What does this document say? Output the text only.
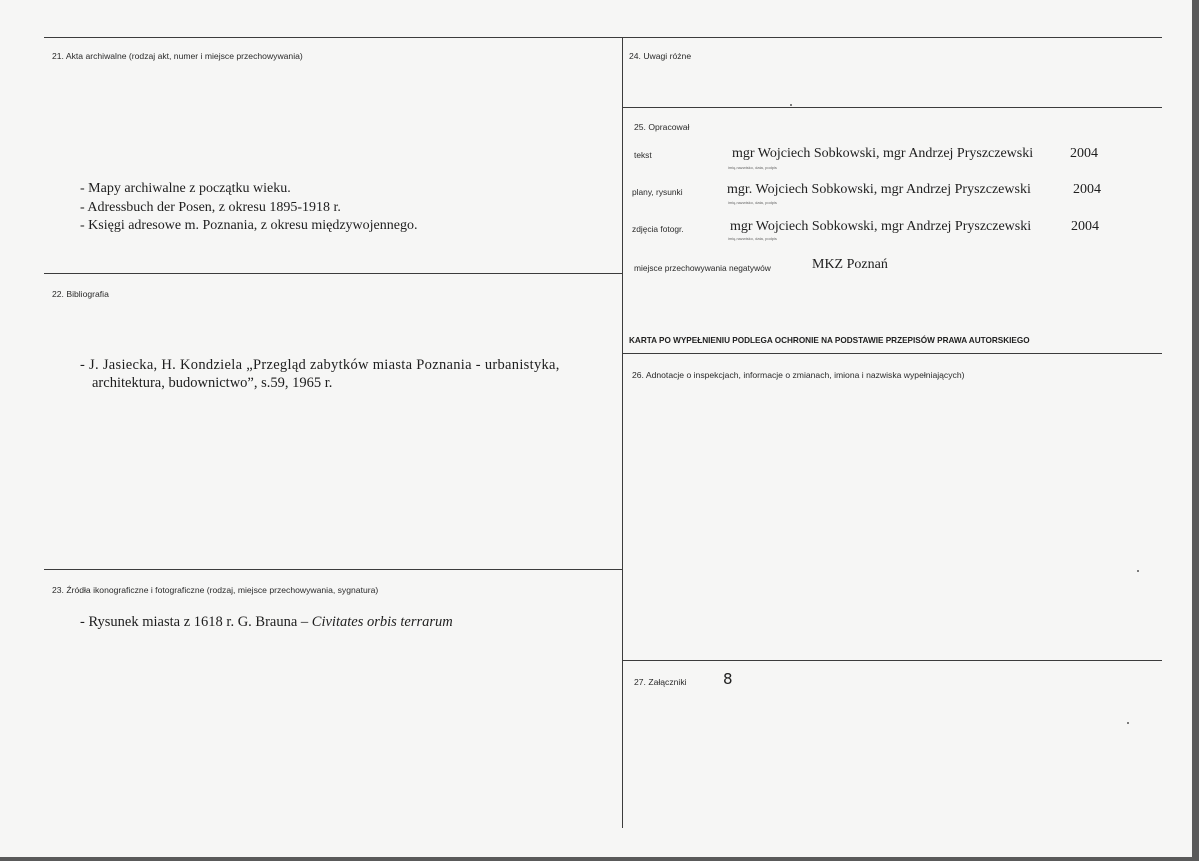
21. Akta archiwalne (rodzaj akt, numer i miejsce przechowywania)
- Mapy archiwalne z początku wieku.
- Adressbuch der Posen, z okresu 1895-1918 r.
- Księgi adresowe m. Poznania, z okresu międzywojennego.
22. Bibliografia
- J. Jasiecka, H. Kondziela „Przegląd zabytków miasta Poznania - urbanistyka,
architektura, budownictwo”, s.59, 1965 r.
23. Źródła ikonograficzne i fotograficzne (rodzaj, miejsce przechowywania, sygnatura)
- Rysunek miasta z 1618 r. G. Brauna – Civitates orbis terrarum
24. Uwagi różne
25. Opracował
tekst	mgr Wojciech Sobkowski, mgr Andrzej Pryszczewski	2004
imię,nazwisko, data, podpis
plany, rysunki	mgr. Wojciech Sobkowski, mgr Andrzej Pryszczewski	2004
imię,nazwisko, data, podpis
zdjęcia fotogr.	mgr Wojciech Sobkowski, mgr Andrzej Pryszczewski	2004
imię,nazwisko, data, podpis
miejsce przechowywania negatywów	MKZ Poznań
KARTA PO WYPEŁNIENIU PODLEGA OCHRONIE NA PODSTAWIE PRZEPISÓW PRAWA AUTORSKIEGO
26. Adnotacje o inspekcjach, informacje o zmianach, imiona i nazwiska wypełniających)
27. Załączniki 8
